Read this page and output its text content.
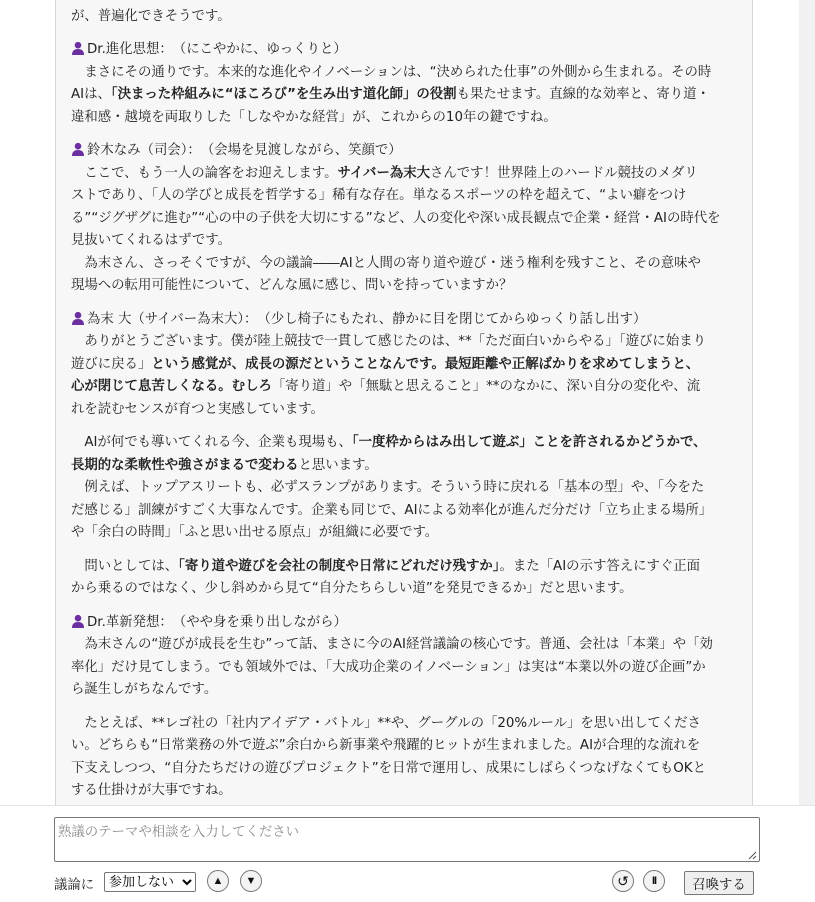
が、普遍化できそうです。

Dr.進化思想：　 （にこやかに、ゆっくりと）

　まさにその通りです。本来的な進化やイノベーションは、“決められた仕事”の外側から生まれる。その時

AIは、「決まった枠組みに“ほころび”を生み出す道化師」の役割も果たせます。直線的な効率と、寄り道・

違和感・越境を両取りした「しなやかな経営」が、これからの10年の鍵ですね。

鈴木なみ（司会）：　 （会場を見渡しながら、笑顔で）

　ここで、もう一人の論客をお迎えします。サイバー為末大さんです！世界陸上のハードル競技のメダリ

ストであり、「人の学びと成長を哲学する」稀有な存在。単なるスポーツの枠を超えて、“よい癖をつけ

る”“ジグザグに進む”“心の中の子供を大切にする”など、人の変化や深い成長観点で企業・経営・AIの時代を

見抜いてくれるはずです。

　為末さん、さっそくですが、今の議論――AIと人間の寄り道や遊び・迷う権利を残すこと、その意味や

現場への転用可能性について、どんな風に感じ、問いを持っていますか？

為末 大（サイバー為末大）：　 （少し椅子にもたれ、静かに目を閉じてからゆっくり話し出す）

　ありがとうございます。僕が陸上競技で一貫して感じたのは、**「ただ面白いからやる」「遊びに始まり

遊びに戻る」という感覚が、成長の源だということなんです。最短距離や正解ばかりを求めてしまうと、

心が閉じて息苦しくなる。むしろ「寄り道」や「無駄と思えること」**のなかに、深い自分の変化や、流

れを読むセンスが育つと実感しています。

　AIが何でも導いてくれる今、企業も現場も、「一度枠からはみ出して遊ぶ」ことを許されるかどうかで、

長期的な柔軟性や強さがまるで変わると思います。

　例えば、トップアスリートも、必ずスランプがあります。そういう時に戻れる「基本の型」や、「今をた

だ感じる」訓練がすごく大事なんです。企業も同じで、AIによる効率化が進んだ分だけ「立ち止まる場所」

や「余白の時間」「ふと思い出せる原点」が組織に必要です。

　問いとしては、「寄り道や遊びを会社の制度や日常にどれだけ残すか」。また「AIの示す答えにすぐ正面

から乗るのではなく、少し斜めから見て“自分たちらしい道”を発見できるか」だと思います。

Dr.革新発想：　 （やや身を乗り出しながら）

　為末さんの“遊びが成長を生む”って話、まさに今のAI経営議論の核心です。普通、会社は「本業」や「効

率化」だけ見てしまう。でも領域外では、「大成功企業のイノベーション」は実は“本業以外の遊び企画”か

ら誕生しがちなんです。

　たとえば、**レゴ社の「社内アイデア・バトル」**や、グーグルの「20%ルール」を思い出してくださ

い。どちらも“日常業務の外で遊ぶ”余白から新事業や飛躍的ヒットが生まれました。AIが合理的な流れを

下支えしつつ、“自分たちだけの遊びプロジェクト”を日常で運用し、成果にしばらくつなげなくてもOKと

する仕掛けが大事ですね。

熟議のテーマや相談を入力してください
議論に
参加しない	▲	▼	↺	II	召喚する
